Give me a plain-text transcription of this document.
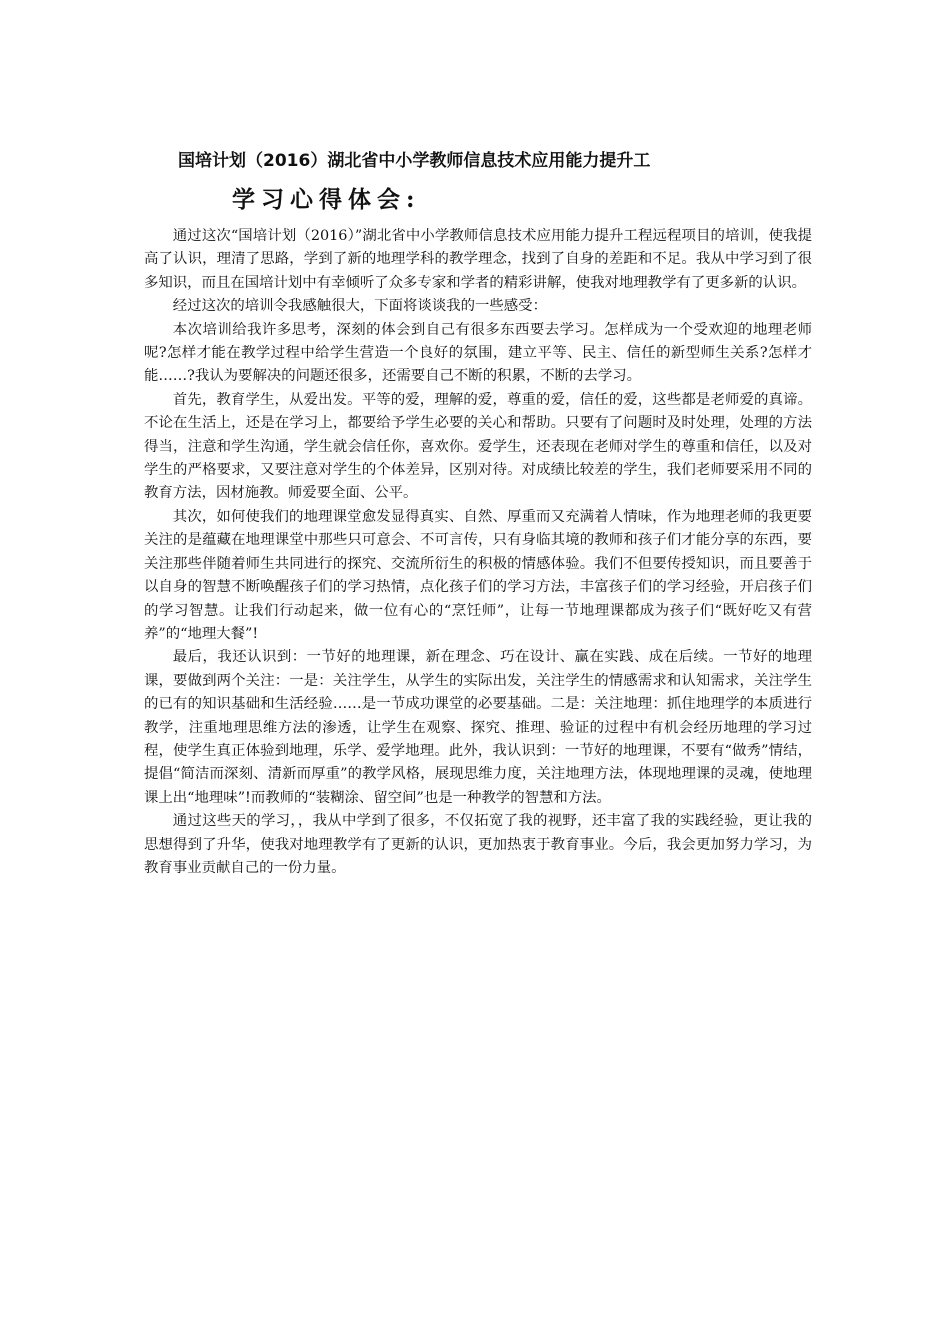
国培计划（2016）湖北省中小学教师信息技术应用能力提升工
学习心得体会:

通过这次“国培计划（2016）”湖北省中小学教师信息技术应用能力提升工程远程项目的培训，使我提高了认识，理清了思路，学到了新的地理学科的教学理念，找到了自身的差距和不足。我从中学习到了很多知识，而且在国培计划中有幸倾听了众多专家和学者的精彩讲解，使我对地理教学有了更多新的认识。

经过这次的培训令我感触很大，下面将谈谈我的一些感受：

本次培训给我许多思考，深刻的体会到自己有很多东西要去学习。怎样成为一个受欢迎的地理老师呢?怎样才能在教学过程中给学生营造一个良好的氛围，建立平等、民主、信任的新型师生关系?怎样才能……?我认为要解决的问题还很多，还需要自己不断的积累，不断的去学习。

首先，教育学生，从爱出发。平等的爱，理解的爱，尊重的爱，信任的爱，这些都是老师爱的真谛。不论在生活上，还是在学习上，都要给予学生必要的关心和帮助。只要有了问题时及时处理，处理的方法得当，注意和学生沟通，学生就会信任你，喜欢你。爱学生，还表现在老师对学生的尊重和信任，以及对学生的严格要求，又要注意对学生的个体差异，区别对待。对成绩比较差的学生，我们老师要采用不同的教育方法，因材施教。师爱要全面、公平。

其次，如何使我们的地理课堂愈发显得真实、自然、厚重而又充满着人情味，作为地理老师的我更要关注的是蕴藏在地理课堂中那些只可意会、不可言传，只有身临其境的教师和孩子们才能分享的东西，要关注那些伴随着师生共同进行的探究、交流所衍生的积极的情感体验。我们不但要传授知识，而且要善于以自身的智慧不断唤醒孩子们的学习热情，点化孩子们的学习方法，丰富孩子们的学习经验，开启孩子们的学习智慧。让我们行动起来，做一位有心的“烹饪师”，让每一节地理课都成为孩子们“既好吃又有营养”的“地理大餐”!

最后，我还认识到：一节好的地理课，新在理念、巧在设计、赢在实践、成在后续。一节好的地理课，要做到两个关注：一是：关注学生，从学生的实际出发，关注学生的情感需求和认知需求，关注学生的已有的知识基础和生活经验……是一节成功课堂的必要基础。二是：关注地理：抓住地理学的本质进行教学，注重地理思维方法的渗透，让学生在观察、探究、推理、验证的过程中有机会经历地理的学习过程，使学生真正体验到地理，乐学、爱学地理。此外，我认识到：一节好的地理课，不要有“做秀”情结，提倡“简洁而深刻、清新而厚重”的教学风格，展现思维力度，关注地理方法，体现地理课的灵魂，使地理课上出“地理味”!而教师的“装糊涂、留空间”也是一种教学的智慧和方法。

通过这些天的学习，，我从中学到了很多，不仅拓宽了我的视野，还丰富了我的实践经验，更让我的思想得到了升华，使我对地理教学有了更新的认识，更加热衷于教育事业。今后，我会更加努力学习，为教育事业贡献自己的一份力量。
